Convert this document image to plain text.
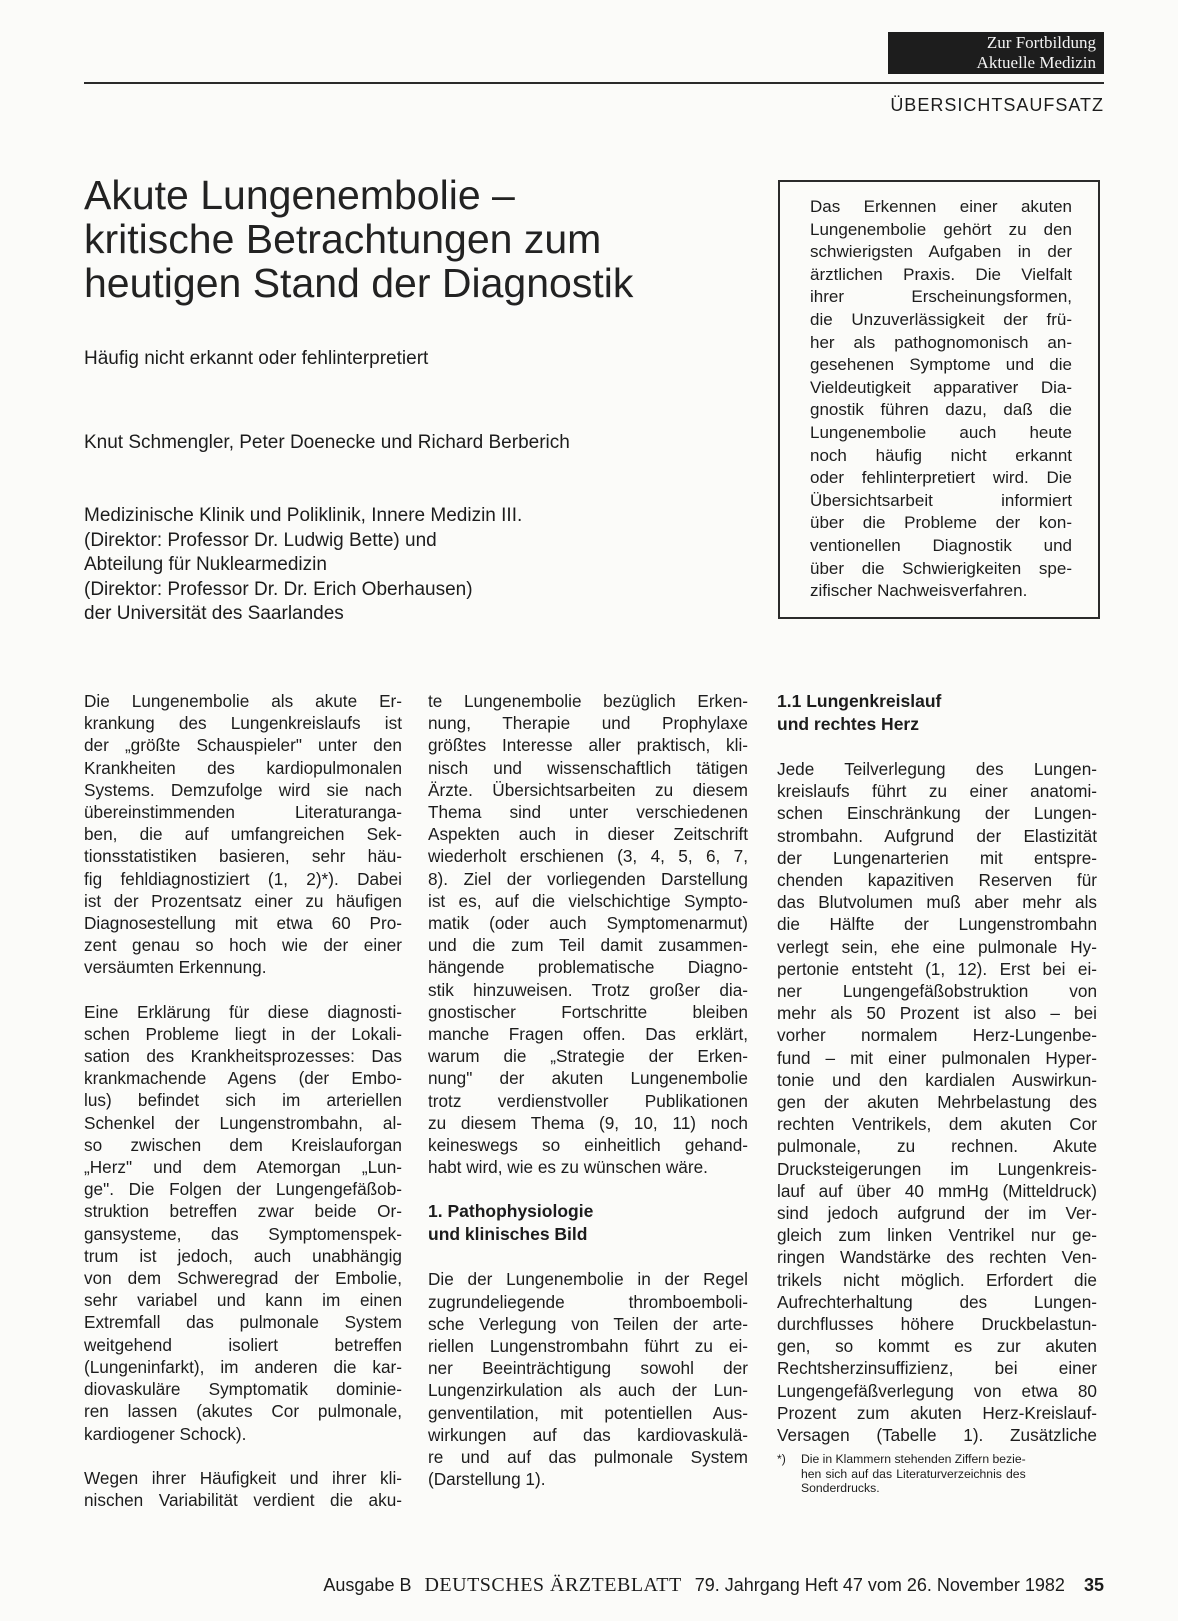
Zur Fortbildung
Aktuelle Medizin
ÜBERSICHTSAUFSATZ
Akute Lungenembolie –
kritische Betrachtungen zum
heutigen Stand der Diagnostik
Häufig nicht erkannt oder fehlinterpretiert
Knut Schmengler, Peter Doenecke und Richard Berberich
Medizinische Klinik und Poliklinik, Innere Medizin III.
(Direktor: Professor Dr. Ludwig Bette) und
Abteilung für Nuklearmedizin
(Direktor: Professor Dr. Dr. Erich Oberhausen)
der Universität des Saarlandes
Das Erkennen einer akuten
Lungenembolie gehört zu den
schwierigsten Aufgaben in der
ärztlichen Praxis. Die Vielfalt
ihrer Erscheinungsformen,
die Unzuverlässigkeit der frü-
her als pathognomonisch an-
gesehenen Symptome und die
Vieldeutigkeit apparativer Dia-
gnostik führen dazu, daß die
Lungenembolie auch heute
noch häufig nicht erkannt
oder fehlinterpretiert wird. Die
Übersichtsarbeit informiert
über die Probleme der kon-
ventionellen Diagnostik und
über die Schwierigkeiten spe-
zifischer Nachweisverfahren.
Die Lungenembolie als akute Er-
krankung des Lungenkreislaufs ist
der „größte Schauspieler" unter den
Krankheiten des kardiopulmonalen
Systems. Demzufolge wird sie nach
übereinstimmenden Literaturanga-
ben, die auf umfangreichen Sek-
tionsstatistiken basieren, sehr häu-
fig fehldiagnostiziert (1, 2)*). Dabei
ist der Prozentsatz einer zu häufigen
Diagnosestellung mit etwa 60 Pro-
zent genau so hoch wie der einer
versäumten Erkennung.
Eine Erklärung für diese diagnosti-
schen Probleme liegt in der Lokali-
sation des Krankheitsprozesses: Das
krankmachende Agens (der Embo-
lus) befindet sich im arteriellen
Schenkel der Lungenstrombahn, al-
so zwischen dem Kreislauforgan
„Herz" und dem Atemorgan „Lun-
ge". Die Folgen der Lungengefäßob-
struktion betreffen zwar beide Or-
gansysteme, das Symptomenspek-
trum ist jedoch, auch unabhängig
von dem Schweregrad der Embolie,
sehr variabel und kann im einen
Extremfall das pulmonale System
weitgehend isoliert betreffen
(Lungeninfarkt), im anderen die kar-
diovaskuläre Symptomatik dominie-
ren lassen (akutes Cor pulmonale,
kardiogener Schock).
Wegen ihrer Häufigkeit und ihrer kli-
nischen Variabilität verdient die aku-
te Lungenembolie bezüglich Erken-
nung, Therapie und Prophylaxe
größtes Interesse aller praktisch, kli-
nisch und wissenschaftlich tätigen
Ärzte. Übersichtsarbeiten zu diesem
Thema sind unter verschiedenen
Aspekten auch in dieser Zeitschrift
wiederholt erschienen (3, 4, 5, 6, 7,
8). Ziel der vorliegenden Darstellung
ist es, auf die vielschichtige Sympto-
matik (oder auch Symptomenarmut)
und die zum Teil damit zusammen-
hängende problematische Diagno-
stik hinzuweisen. Trotz großer dia-
gnostischer Fortschritte bleiben
manche Fragen offen. Das erklärt,
warum die „Strategie der Erken-
nung" der akuten Lungenembolie
trotz verdienstvoller Publikationen
zu diesem Thema (9, 10, 11) noch
keineswegs so einheitlich gehand-
habt wird, wie es zu wünschen wäre.
1. Pathophysiologie
und klinisches Bild
Die der Lungenembolie in der Regel
zugrundeliegende thromboemboli-
sche Verlegung von Teilen der arte-
riellen Lungenstrombahn führt zu ei-
ner Beeinträchtigung sowohl der
Lungenzirkulation als auch der Lun-
genventilation, mit potentiellen Aus-
wirkungen auf das kardiovaskulä-
re und auf das pulmonale System
(Darstellung 1).
1.1 Lungenkreislauf
und rechtes Herz
Jede Teilverlegung des Lungen-
kreislaufs führt zu einer anatomi-
schen Einschränkung der Lungen-
strombahn. Aufgrund der Elastizität
der Lungenarterien mit entspre-
chenden kapazitiven Reserven für
das Blutvolumen muß aber mehr als
die Hälfte der Lungenstrombahn
verlegt sein, ehe eine pulmonale Hy-
pertonie entsteht (1, 12). Erst bei ei-
ner Lungengefäßobstruktion von
mehr als 50 Prozent ist also – bei
vorher normalem Herz-Lungenbe-
fund – mit einer pulmonalen Hyper-
tonie und den kardialen Auswirkun-
gen der akuten Mehrbelastung des
rechten Ventrikels, dem akuten Cor
pulmonale, zu rechnen. Akute
Drucksteigerungen im Lungenkreis-
lauf auf über 40 mmHg (Mitteldruck)
sind jedoch aufgrund der im Ver-
gleich zum linken Ventrikel nur ge-
ringen Wandstärke des rechten Ven-
trikels nicht möglich. Erfordert die
Aufrechterhaltung des Lungen-
durchflusses höhere Druckbelastun-
gen, so kommt es zur akuten
Rechtsherzinsuffizienz, bei einer
Lungengefäßverlegung von etwa 80
Prozent zum akuten Herz-Kreislauf-
Versagen (Tabelle 1). Zusätzliche
*)	Die in Klammern stehenden Ziffern bezie-
hen sich auf das Literaturverzeichnis des
Sonderdrucks.
Ausgabe B DEUTSCHES ÄRZTEBLATT 79. Jahrgang Heft 47 vom 26. November 1982 35
